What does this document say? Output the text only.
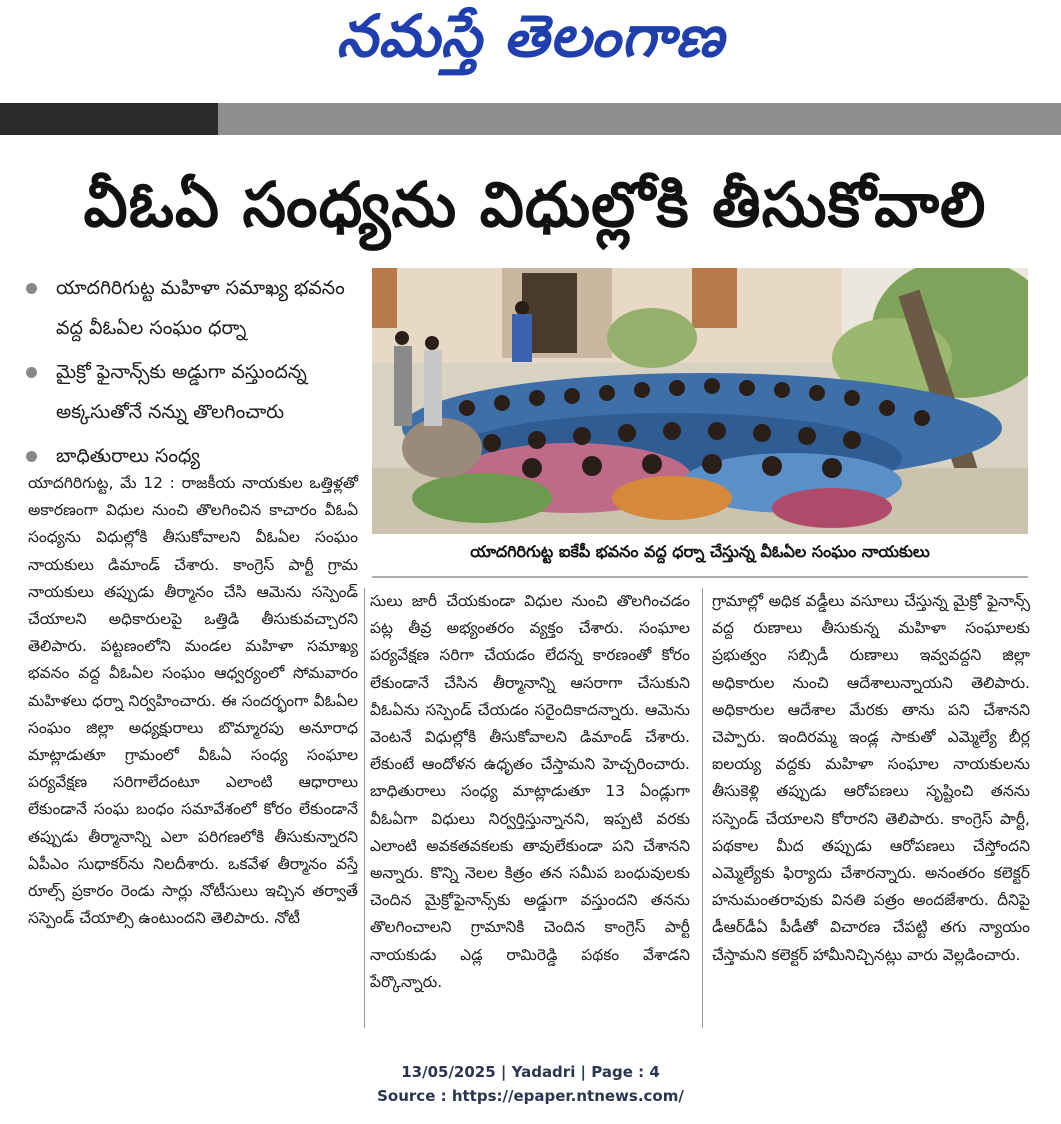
నమస్తే తెలంగాణ
వీఓఏ సంధ్యను విధుల్లోకి తీసుకోవాలి
యాదగిరిగుట్ట మహిళా సమాఖ్య భవనం వద్ద వీఓఏల సంఘం ధర్నా
మైక్రో ఫైనాన్స్‌కు అడ్డుగా వస్తుందన్న అక్కసుతోనే నన్ను తొలగించారు
బాధితురాలు సంధ్య
యాదగిరిగుట్ట ఐకేపీ భవనం వద్ద ధర్నా చేస్తున్న వీఓఏల సంఘం నాయకులు

యాదగిరిగుట్ట, మే 12 : రాజకీయ నాయకుల ఒత్తిళ్లతో అకారణంగా విధుల నుంచి తొలగించిన కాచారం వీఓఏ సంధ్యను విధుల్లోకి తీసుకోవాలని వీఓఏల సంఘం నాయకులు డిమాండ్ చేశారు. కాంగ్రెస్ పార్టీ గ్రామ నాయకులు తప్పుడు తీర్మానం చేసి ఆమెను సస్పెండ్ చేయాలని అధికారులపై ఒత్తిడి తీసుకువచ్చారని తెలిపారు. పట్టణంలోని మండల మహిళా సమాఖ్య భవనం వద్ద వీఓఏల సంఘం ఆధ్వర్యంలో సోమవారం మహిళలు ధర్నా నిర్వహించారు. ఈ సందర్భంగా వీఓఏల సంఘం జిల్లా అధ్యక్షురాలు బొమ్మారపు అనూరాధ మాట్లాడుతూ గ్రామంలో వీఓఏ సంధ్య సంఘాల పర్యవేక్షణ సరిగాలేదంటూ ఎలాంటి ఆధారాలు లేకుండానే సంఘ బంధం సమావేశంలో కోరం లేకుండానే తప్పుడు తీర్మానాన్ని ఎలా పరిగణలోకి తీసుకున్నారని ఏపీఎం సుధాకర్‌ను నిలదీశారు. ఒకవేళ తీర్మానం వస్తే రూల్స్ ప్రకారం రెండు సార్లు నోటీసులు ఇచ్చిన తర్వాతే సస్పెండ్ చేయాల్సి ఉంటుందని తెలిపారు. నోటీ

సులు జారీ చేయకుండా విధుల నుంచి తొలగించడం పట్ల తీవ్ర అభ్యంతరం వ్యక్తం చేశారు. సంఘాల పర్యవేక్షణ సరిగా చేయడం లేదన్న కారణంతో కోరం లేకుండానే చేసిన తీర్మానాన్ని ఆసరాగా చేసుకుని వీఓఏను సస్పెండ్ చేయడం సరైందికాదన్నారు. ఆమెను వెంటనే విధుల్లోకి తీసుకోవాలని డిమాండ్ చేశారు. లేకుంటే ఆందోళన ఉధృతం చేస్తామని హెచ్చరించారు. బాధితురాలు సంధ్య మాట్లాడుతూ 13 ఏండ్లుగా వీఓఏగా విధులు నిర్వర్తిస్తున్నానని, ఇప్పటి వరకు ఎలాంటి అవకతవకలకు తావులేకుండా పని చేశానని అన్నారు. కొన్ని నెలల కిత్రం తన సమీప బంధువులకు చెందిన మైక్రోఫైనాన్స్‌కు అడ్డుగా వస్తుందని తనను తొలగించాలని గ్రామానికి చెందిన కాంగ్రెస్ పార్టీ నాయకుడు ఎడ్ల రామిరెడ్డి పథకం వేశాడని పేర్కొన్నారు.

గ్రామాల్లో అధిక వడ్డీలు వసూలు చేస్తున్న మైక్రో ఫైనాన్స్ వద్ద రుణాలు తీసుకున్న మహిళా సంఘాలకు ప్రభుత్వం సబ్సిడీ రుణాలు ఇవ్వవద్దని జిల్లా అధికారుల నుంచి ఆదేశాలున్నాయని తెలిపారు. అధికారుల ఆదేశాల మేరకు తాను పని చేశానని చెప్పారు. ఇందిరమ్మ ఇండ్ల సాకుతో ఎమ్మెల్యే బీర్ల ఐలయ్య వద్దకు మహిళా సంఘాల నాయకులను తీసుకెళ్లి తప్పుడు ఆరోపణలు సృష్టించి తనను సస్పెండ్ చేయాలని కోరారని తెలిపారు. కాంగ్రెస్ పార్టీ, పథకాల మీద తప్పుడు ఆరోపణలు చేస్తోందని ఎమ్మెల్యేకు ఫిర్యాదు చేశారన్నారు. అనంతరం కలెక్టర్ హనుమంతరావుకు వినతి పత్రం అందజేశారు. దీనిపై డీఆర్‌డీఏ పీడీతో విచారణ చేపట్టి తగు న్యాయం చేస్తామని కలెక్టర్ హామీనిచ్చినట్లు వారు వెల్లడించారు.

13/05/2025 | Yadadri | Page : 4
Source : https://epaper.ntnews.com/
